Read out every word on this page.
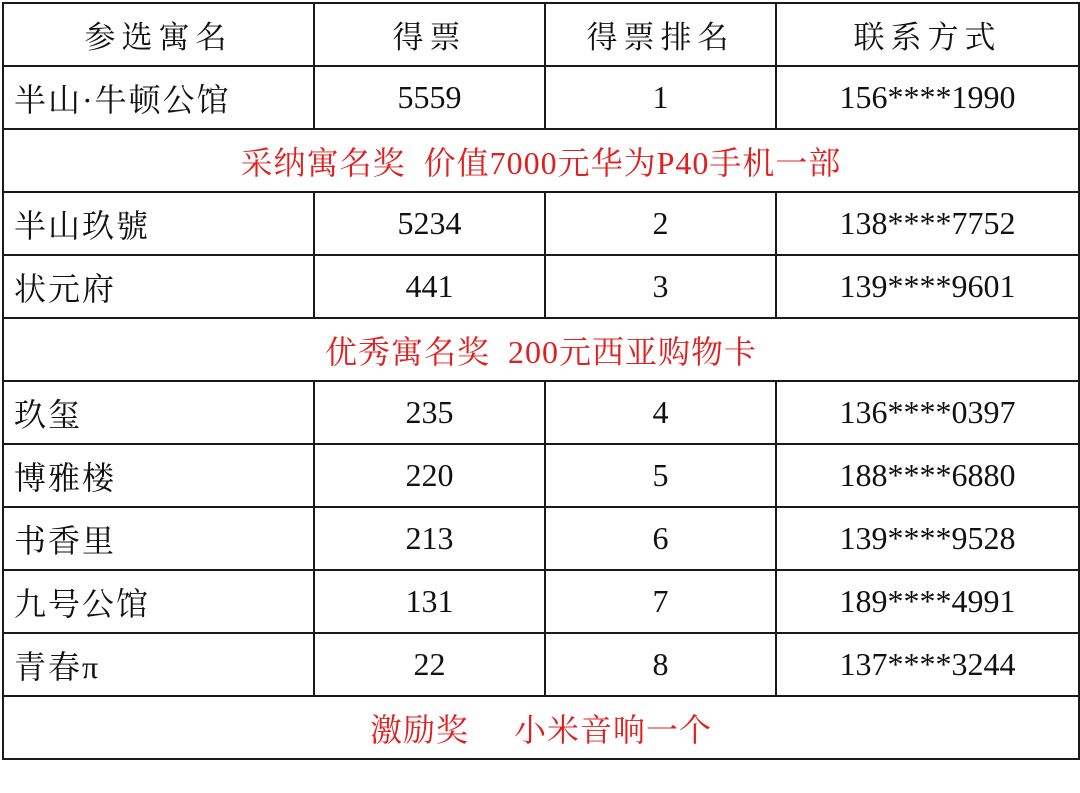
参选寓名	得票	得票排名	联系方式
半山·牛顿公馆	5559	1	156****1990
采纳寓名奖  价值7000元华为P40手机一部			
半山玖號	5234	2	138****7752
状元府	441	3	139****9601
优秀寓名奖  200元西亚购物卡			
玖玺	235	4	136****0397
博雅楼	220	5	188****6880
书香里	213	6	139****9528
九号公馆	131	7	189****4991
青春π	22	8	137****3244
激励奖     小米音响一个			
